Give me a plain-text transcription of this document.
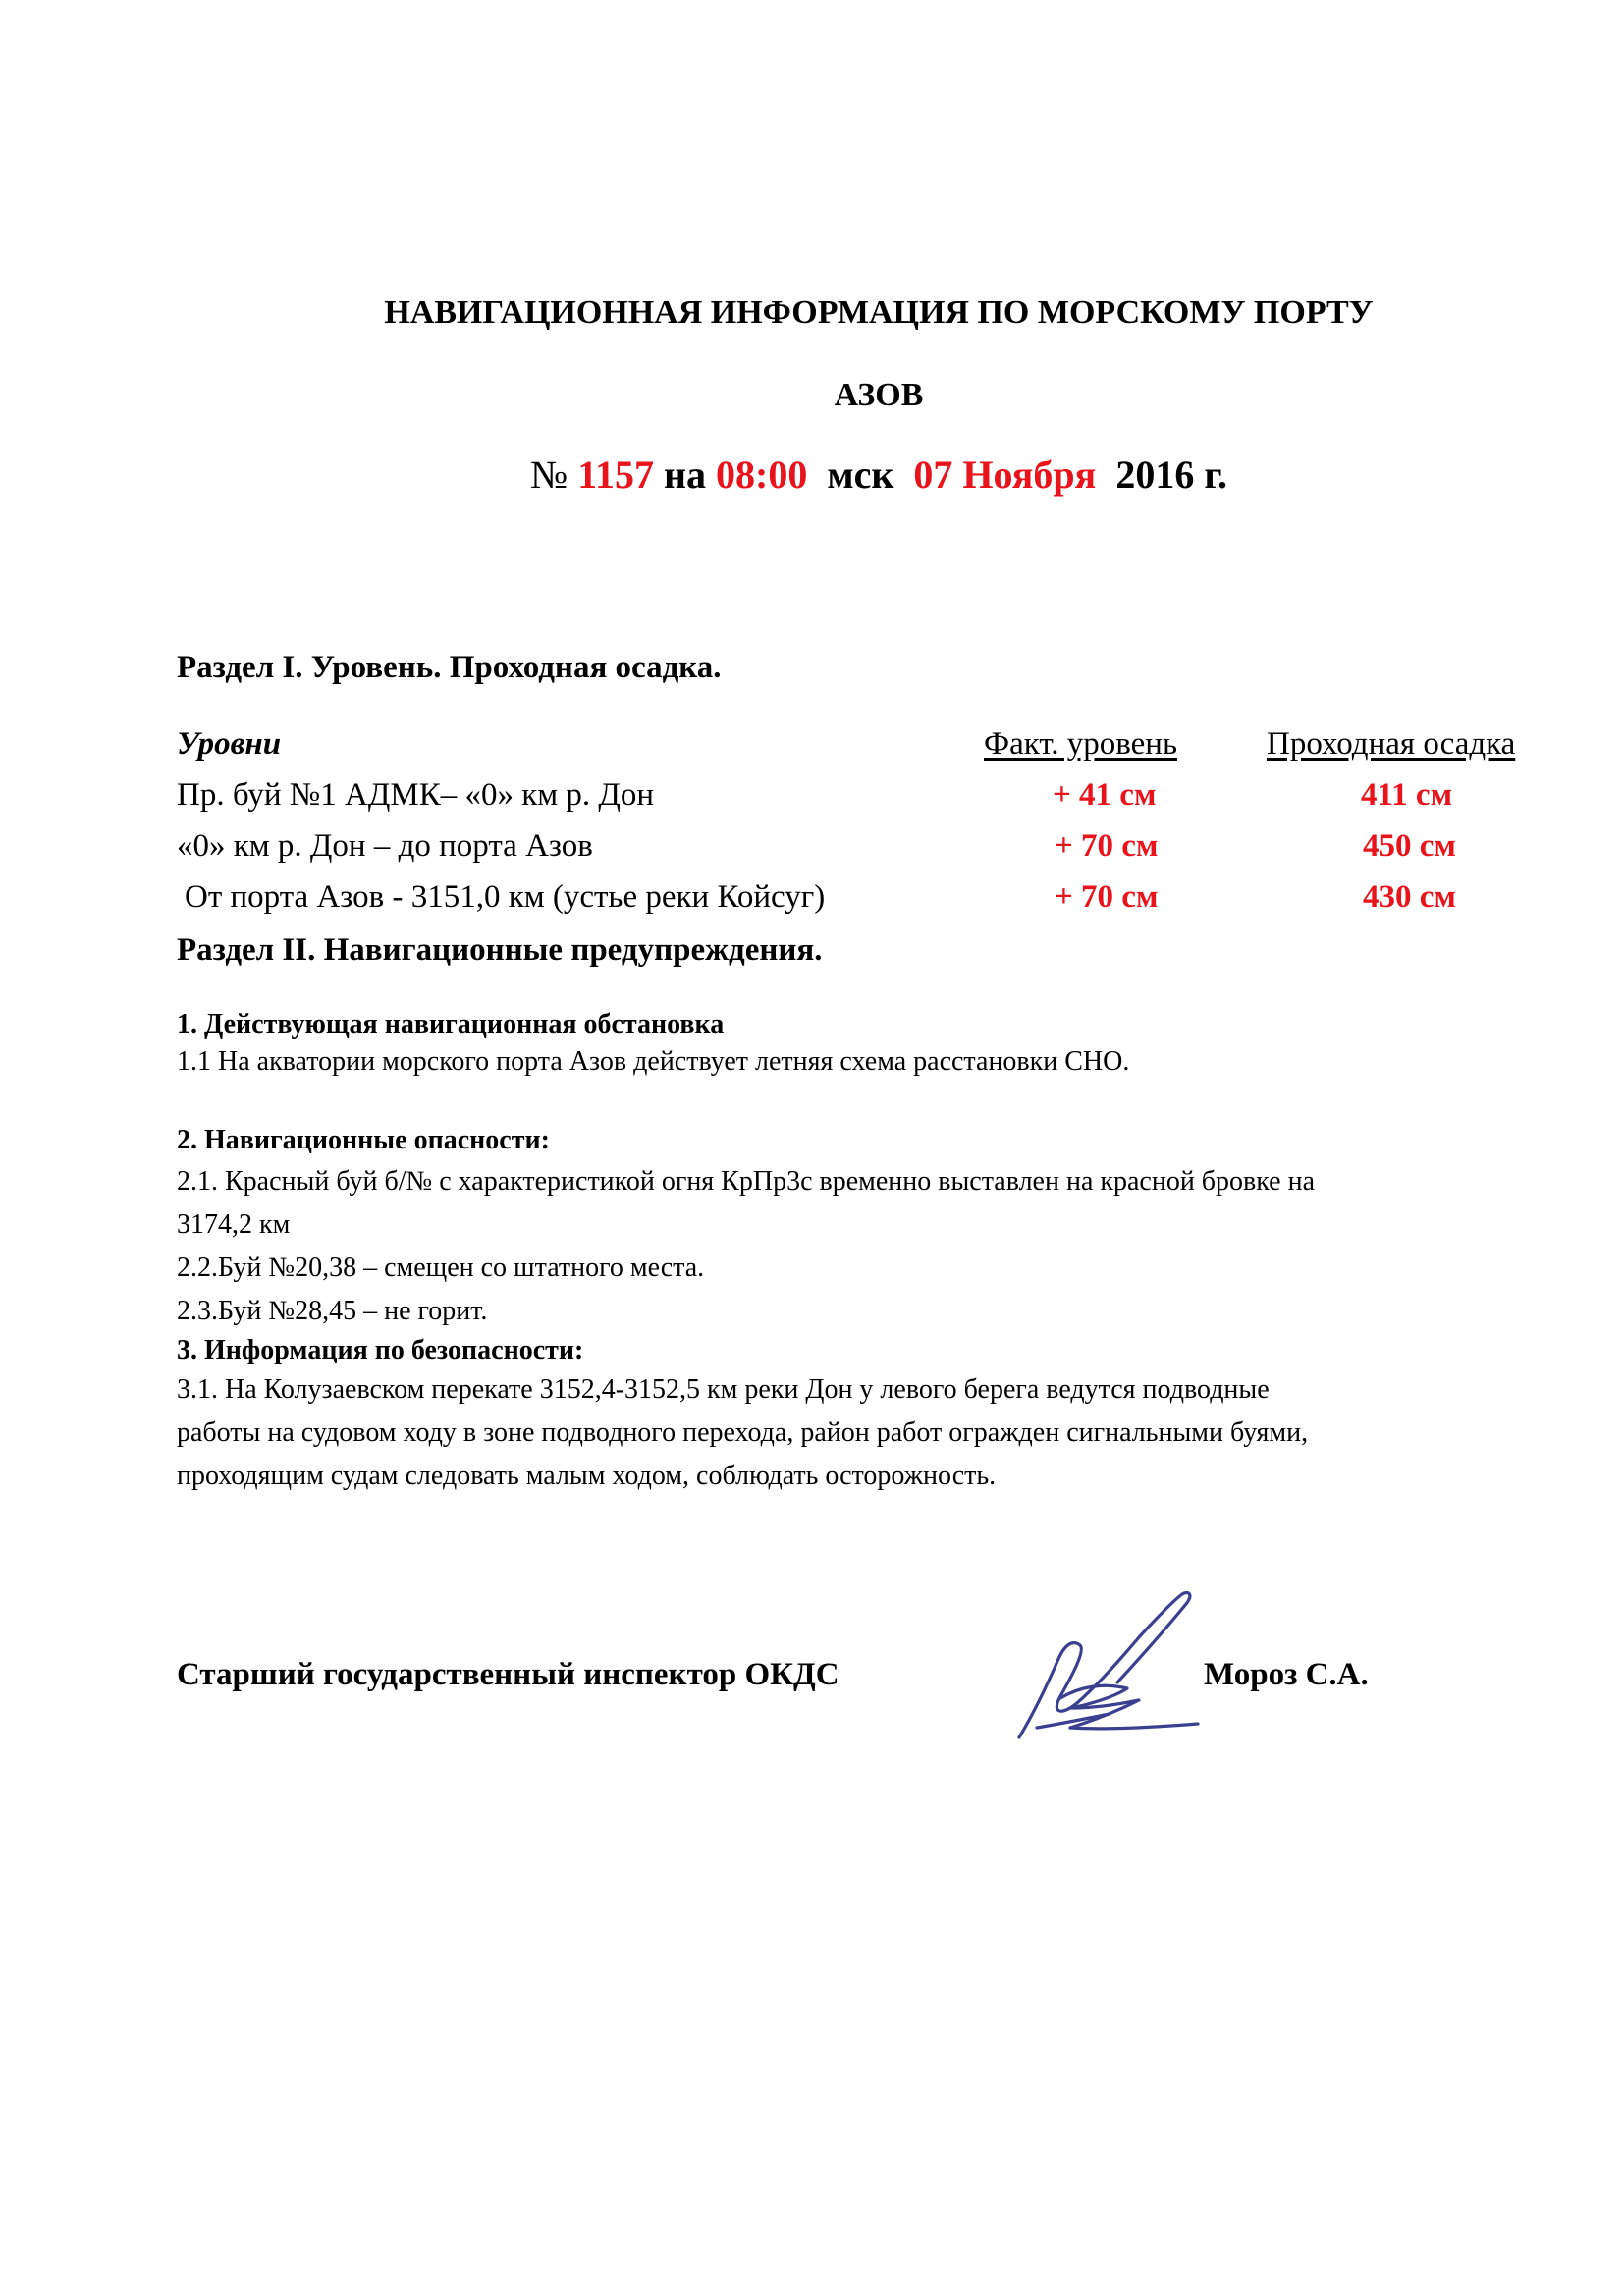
НАВИГАЦИОННАЯ ИНФОРМАЦИЯ ПО МОРСКОМУ ПОРТУ
АЗОВ
№ 1157 на 08:00 мск 07 Ноября 2016 г.
Раздел I. Уровень. Проходная осадка.
Уровни	Факт. уровень	Проходная осадка
Пр. буй №1 АДМК– «0» км р. Дон	+ 41 см	411 см
«0» км р. Дон – до порта Азов	+ 70 см	450 см
От порта Азов - 3151,0 км (устье реки Койсуг)	+ 70 см	430 см
Раздел II. Навигационные предупреждения.
1. Действующая навигационная обстановка
1.1 На акватории морского порта Азов действует летняя схема расстановки СНО.
2. Навигационные опасности:
2.1. Красный буй б/№ с характеристикой огня КрПр3с временно выставлен на красной бровке на
3174,2 км
2.2.Буй №20,38 – смещен со штатного места.
2.3.Буй №28,45 – не горит.
3. Информация по безопасности:
3.1. На Колузаевском перекате 3152,4-3152,5 км реки Дон у левого берега ведутся подводные
работы на судовом ходу в зоне подводного перехода, район работ огражден сигнальными буями,
проходящим судам следовать малым ходом, соблюдать осторожность.
Старший государственный инспектор ОКДС	Мороз С.А.
